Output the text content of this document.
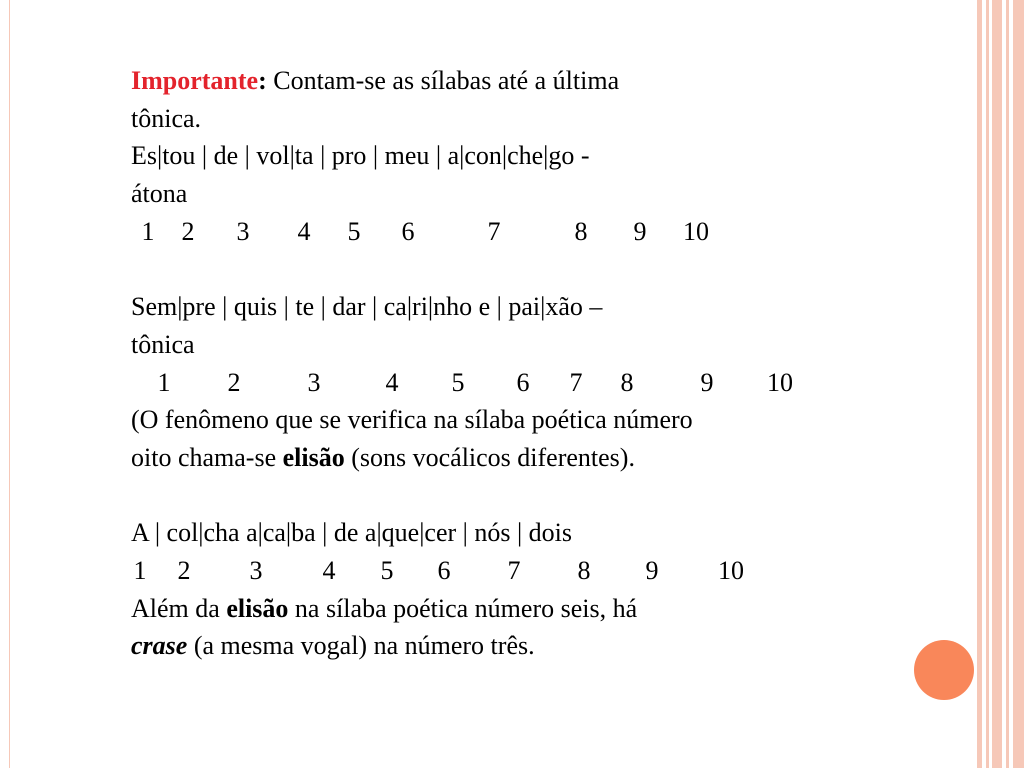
Importante: Contam-se as sílabas até a última
tônica.
Es|tou | de | vol|ta | pro | meu | a|con|che|go -
átona
1 2 3 4 5 6	7	8 9 10
Sem|pre | quis | te | dar | ca|ri|nho e | pai|xão –
tônica
1 2	3	4 5 6 7 8	9 10
(O fenômeno que se verifica na sílaba poética número
oito chama-se elisão (sons vocálicos diferentes).
A | col|cha a|ca|ba | de a|que|cer | nós | dois
1 2 3 4 5 6 7 8 9 10
Além da elisão na sílaba poética número seis, há
crase (a mesma vogal) na número três.
